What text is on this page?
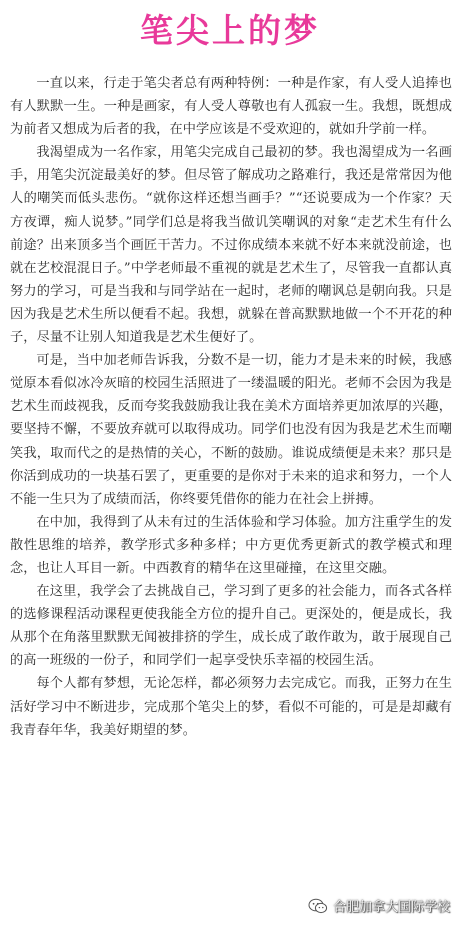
笔尖上的梦

一直以来，行走于笔尖者总有两种特例：一种是作家，有人受人追捧也有人默默一生。一种是画家，有人受人尊敬也有人孤寂一生。我想，既想成为前者又想成为后者的我，在中学应该是不受欢迎的，就如升学前一样。

我渴望成为一名作家，用笔尖完成自己最初的梦。我也渴望成为一名画手，用笔尖沉淀最美好的梦。但尽管了解成功之路难行，我还是常常因为他人的嘲笑而低头悲伤。“就你这样还想当画手？”“还说要成为一个作家？天方夜谭，痴人说梦。”同学们总是将我当做讥笑嘲讽的对象“走艺术生有什么前途？出来顶多当个画匠干苦力。不过你成绩本来就不好本来就没前途，也就在艺校混混日子。”中学老师最不重视的就是艺术生了，尽管我一直都认真努力的学习，可是当我和与同学站在一起时，老师的嘲讽总是朝向我。只是因为我是艺术生所以便看不起。我想，就躲在普高默默地做一个不开花的种子，尽量不让别人知道我是艺术生便好了。

可是，当中加老师告诉我，分数不是一切，能力才是未来的时候，我感觉原本看似冰冷灰暗的校园生活照进了一缕温暖的阳光。老师不会因为我是艺术生而歧视我，反而夸奖我鼓励我让我在美术方面培养更加浓厚的兴趣，要坚持不懈，不要放弃就可以取得成功。同学们也没有因为我是艺术生而嘲笑我，取而代之的是热情的关心，不断的鼓励。谁说成绩便是未来？那只是你活到成功的一块基石罢了，更重要的是你对于未来的追求和努力，一个人不能一生只为了成绩而活，你终要凭借你的能力在社会上拼搏。

在中加，我得到了从未有过的生活体验和学习体验。加方注重学生的发散性思维的培养，教学形式多种多样；中方更优秀更新式的教学模式和理念，也让人耳目一新。中西教育的精华在这里碰撞，在这里交融。

在这里，我学会了去挑战自己，学习到了更多的社会能力，而各式各样的选修课程活动课程更使我能全方位的提升自己。更深处的，便是成长，我从那个在角落里默默无闻被排挤的学生，成长成了敢作敢为，敢于展现自己的高一班级的一份子，和同学们一起享受快乐幸福的校园生活。

每个人都有梦想，无论怎样，都必须努力去完成它。而我，正努力在生活好学习中不断进步，完成那个笔尖上的梦，看似不可能的，可是是却藏有我青春年华，我美好期望的梦。

合肥加拿大国际学校
